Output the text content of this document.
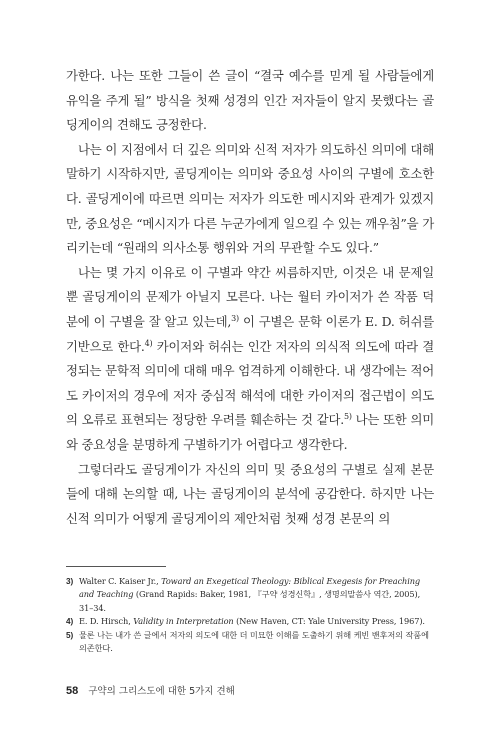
가한다. 나는 또한 그들이 쓴 글이 “결국 예수를 믿게 될 사람들에게 유익을 주게 될” 방식을 첫째 성경의 인간 저자들이 알지 못했다는 골딩게이의 견해도 긍정한다.

나는 이 지점에서 더 깊은 의미와 신적 저자가 의도하신 의미에 대해 말하기 시작하지만, 골딩게이는 의미와 중요성 사이의 구별에 호소한다. 골딩게이에 따르면 의미는 저자가 의도한 메시지와 관계가 있겠지만, 중요성은 “메시지가 다른 누군가에게 일으킬 수 있는 깨우침”을 가리키는데 “원래의 의사소통 행위와 거의 무관할 수도 있다.”

나는 몇 가지 이유로 이 구별과 약간 씨름하지만, 이것은 내 문제일 뿐 골딩게이의 문제가 아닐지 모른다. 나는 월터 카이저가 쓴 작품 덕분에 이 구별을 잘 알고 있는데,$^{3)}$ 이 구별은 문학 이론가 E. D. 허쉬를 기반으로 한다.$^{4)}$ 카이저와 허쉬는 인간 저자의 의식적 의도에 따라 결정되는 문학적 의미에 대해 매우 엄격하게 이해한다. 내 생각에는 적어도 카이저의 경우에 저자 중심적 해석에 대한 카이저의 접근법이 의도의 오류로 표현되는 정당한 우려를 훼손하는 것 같다.$^{5)}$ 나는 또한 의미와 중요성을 분명하게 구별하기가 어렵다고 생각한다.

그렇더라도 골딩게이가 자신의 의미 및 중요성의 구별로 실제 본문들에 대해 논의할 때, 나는 골딩게이의 분석에 공감한다. 하지만 나는 신적 의미가 어떻게 골딩게이의 제안처럼 첫째 성경 본문의 의

3) Walter C. Kaiser Jr., Toward an Exegetical Theology: Biblical Exegesis for Preaching and Teaching (Grand Rapids: Baker, 1981, 『구약 성경신학』, 생명의말씀사 역간, 2005), 31–34.
4) E. D. Hirsch, Validity in Interpretation (New Haven, CT: Yale University Press, 1967).
5) 물론 나는 내가 쓴 글에서 저자의 의도에 대한 더 미묘한 이해를 도출하기 위해 케빈 밴후저의 작품에 의존한다.
58 구약의 그리스도에 대한 5가지 견해
